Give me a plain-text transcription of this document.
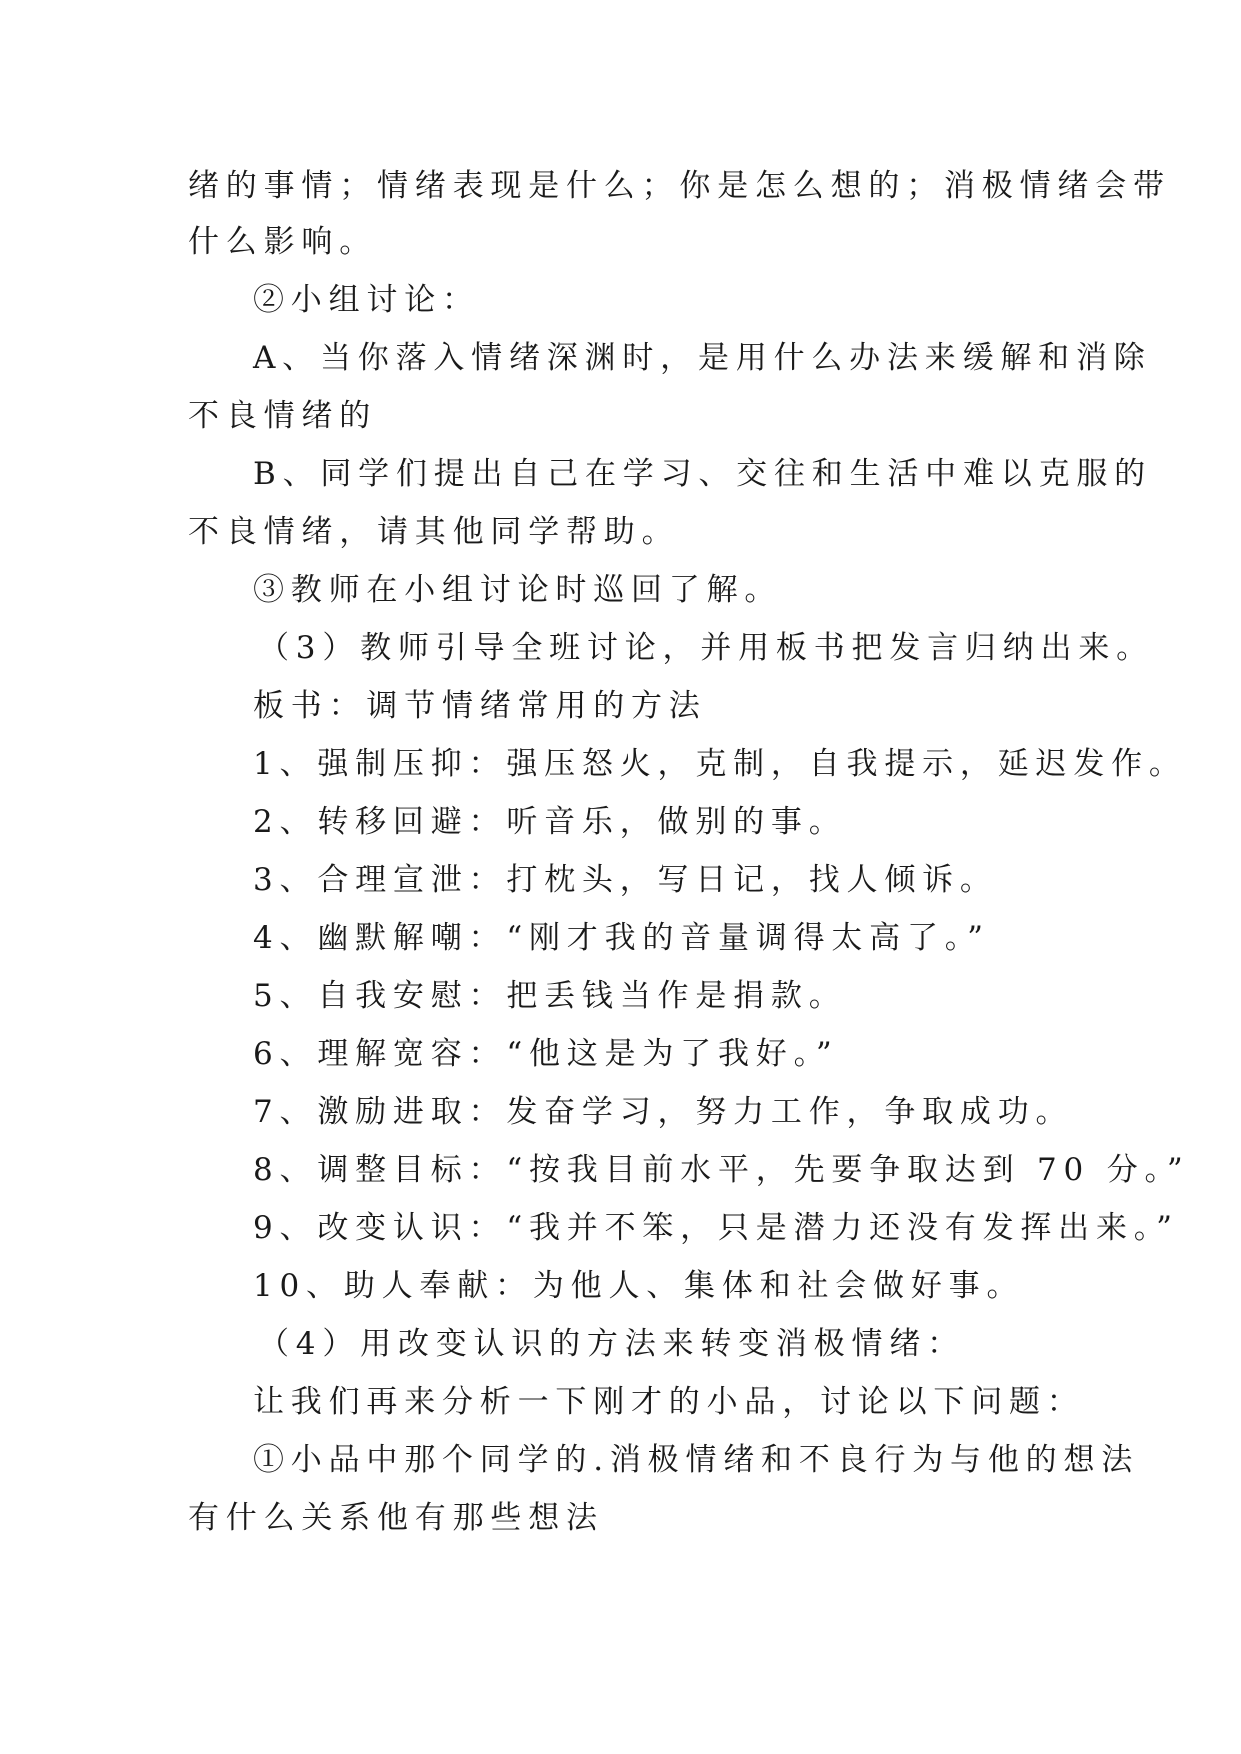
绪的事情；情绪表现是什么；你是怎么想的；消极情绪会带

什么影响。

②小组讨论：

A、当你落入情绪深渊时，是用什么办法来缓解和消除

不良情绪的

B、同学们提出自己在学习、交往和生活中难以克服的

不良情绪，请其他同学帮助。

③教师在小组讨论时巡回了解。

（3）教师引导全班讨论，并用板书把发言归纳出来。

板书：调节情绪常用的方法

1、强制压抑：强压怒火，克制，自我提示，延迟发作。

2、转移回避：听音乐，做别的事。

3、合理宣泄：打枕头，写日记，找人倾诉。

4、幽默解嘲：“刚才我的音量调得太高了。”

5、自我安慰：把丢钱当作是捐款。

6、理解宽容：“他这是为了我好。”

7、激励进取：发奋学习，努力工作，争取成功。

8、调整目标：“按我目前水平，先要争取达到 70 分。”

9、改变认识：“我并不笨，只是潜力还没有发挥出来。”

10、助人奉献：为他人、集体和社会做好事。

（4）用改变认识的方法来转变消极情绪：

让我们再来分析一下刚才的小品，讨论以下问题：

①小品中那个同学的.消极情绪和不良行为与他的想法

有什么关系他有那些想法
